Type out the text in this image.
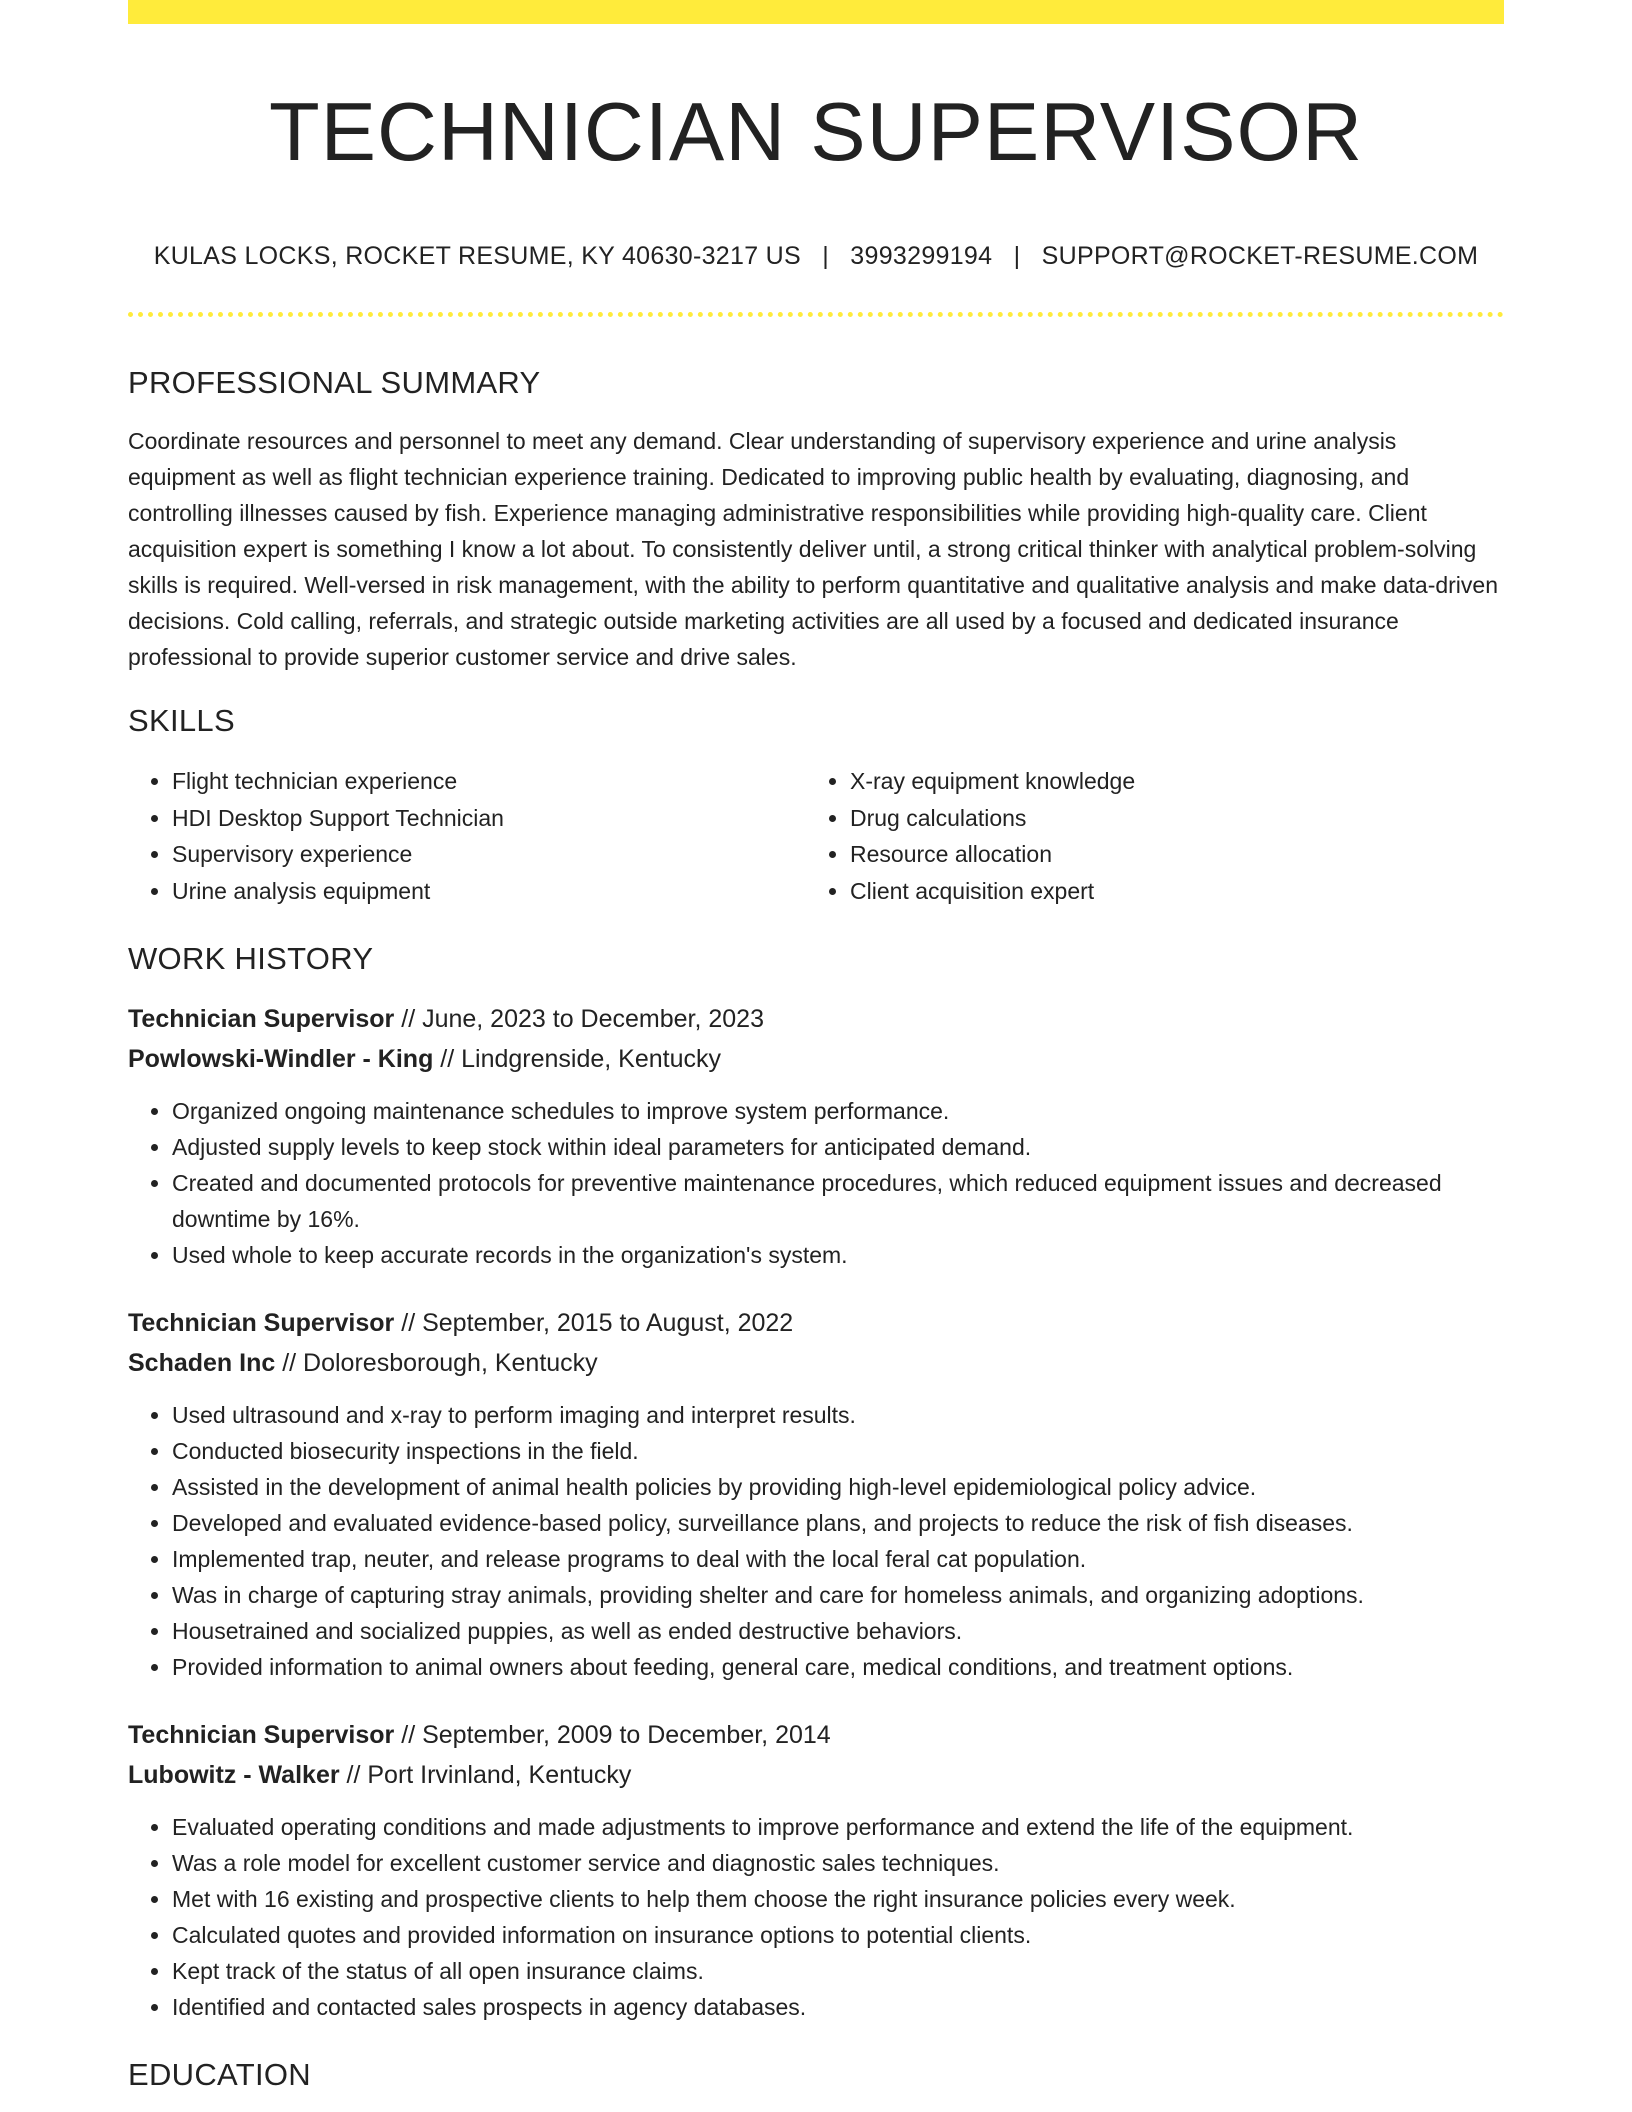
TECHNICIAN SUPERVISOR
KULAS LOCKS, ROCKET RESUME, KY 40630-3217 US | 3993299194 | SUPPORT@ROCKET-RESUME.COM
PROFESSIONAL SUMMARY

Coordinate resources and personnel to meet any demand. Clear understanding of supervisory experience and urine analysis equipment as well as flight technician experience training. Dedicated to improving public health by evaluating, diagnosing, and controlling illnesses caused by fish. Experience managing administrative responsibilities while providing high-quality care. Client acquisition expert is something I know a lot about. To consistently deliver until, a strong critical thinker with analytical problem-solving skills is required. Well-versed in risk management, with the ability to perform quantitative and qualitative analysis and make data-driven decisions. Cold calling, referrals, and strategic outside marketing activities are all used by a focused and dedicated insurance professional to provide superior customer service and drive sales.

SKILLS
• Flight technician experience
• HDI Desktop Support Technician
• Supervisory experience
• Urine analysis equipment
• X-ray equipment knowledge
• Drug calculations
• Resource allocation
• Client acquisition expert
WORK HISTORY
Technician Supervisor // June, 2023 to December, 2023
Powlowski-Windler - King // Lindgrenside, Kentucky
• Organized ongoing maintenance schedules to improve system performance.
• Adjusted supply levels to keep stock within ideal parameters for anticipated demand.
• Created and documented protocols for preventive maintenance procedures, which reduced equipment issues and decreased downtime by 16%.
• Used whole to keep accurate records in the organization's system.
Technician Supervisor // September, 2015 to August, 2022
Schaden Inc // Doloresborough, Kentucky
• Used ultrasound and x-ray to perform imaging and interpret results.
• Conducted biosecurity inspections in the field.
• Assisted in the development of animal health policies by providing high-level epidemiological policy advice.
• Developed and evaluated evidence-based policy, surveillance plans, and projects to reduce the risk of fish diseases.
• Implemented trap, neuter, and release programs to deal with the local feral cat population.
• Was in charge of capturing stray animals, providing shelter and care for homeless animals, and organizing adoptions.
• Housetrained and socialized puppies, as well as ended destructive behaviors.
• Provided information to animal owners about feeding, general care, medical conditions, and treatment options.
Technician Supervisor // September, 2009 to December, 2014
Lubowitz - Walker // Port Irvinland, Kentucky
• Evaluated operating conditions and made adjustments to improve performance and extend the life of the equipment.
• Was a role model for excellent customer service and diagnostic sales techniques.
• Met with 16 existing and prospective clients to help them choose the right insurance policies every week.
• Calculated quotes and provided information on insurance options to potential clients.
• Kept track of the status of all open insurance claims.
• Identified and contacted sales prospects in agency databases.
EDUCATION
